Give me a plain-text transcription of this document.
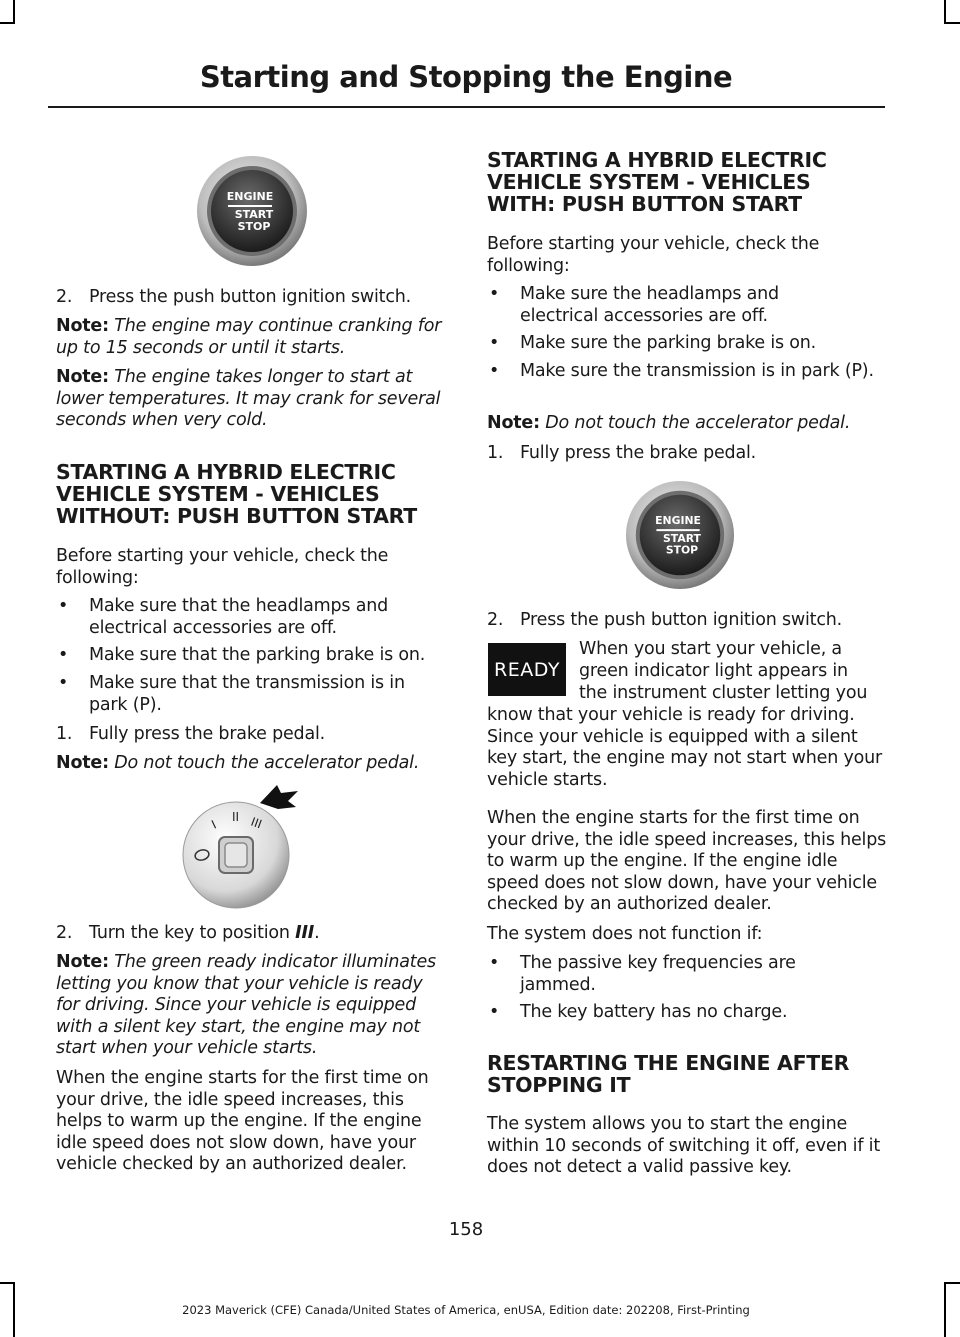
Starting and Stopping the Engine
ENGINE
START
STOP
2. Press the push button ignition switch.

Note: The engine may continue cranking for up to 15 seconds or until it starts.

Note: The engine takes longer to start at lower temperatures. It may crank for several seconds when very cold.

STARTING A HYBRID ELECTRIC VEHICLE SYSTEM - VEHICLES WITHOUT: PUSH BUTTON START

Before starting your vehicle, check the following:

•	Make sure that the headlamps and electrical accessories are off.
•	Make sure that the parking brake is on.
•	Make sure that the transmission is in park (P).
1. Fully press the brake pedal.

Note: Do not touch the accelerator pedal.

2. Turn the key to position III.

Note: The green ready indicator illuminates letting you know that your vehicle is ready for driving. Since your vehicle is equipped with a silent key start, the engine may not start when your vehicle starts.

When the engine starts for the first time on your drive, the idle speed increases, this helps to warm up the engine. If the engine idle speed does not slow down, have your vehicle checked by an authorized dealer.

I
II III
STARTING A HYBRID ELECTRIC VEHICLE SYSTEM - VEHICLES WITH: PUSH BUTTON START

Before starting your vehicle, check the following:

•	Make sure the headlamps and electrical accessories are off.
•	Make sure the parking brake is on.
•	Make sure the transmission is in park (P).

Note: Do not touch the accelerator pedal.

1. Fully press the brake pedal.
2. Press the push button ignition switch.

When you start your vehicle, a

green indicator light appears in

the instrument cluster letting you

know that your vehicle is ready for driving. Since your vehicle is equipped with a silent key start, the engine may not start when your vehicle starts.

When the engine starts for the first time on your drive, the idle speed increases, this helps to warm up the engine. If the engine idle speed does not slow down, have your vehicle checked by an authorized dealer.

The system does not function if:

•	The passive key frequencies are jammed.
•	The key battery has no charge.
RESTARTING THE ENGINE AFTER STOPPING IT

The system allows you to start the engine within 10 seconds of switching it off, even if it does not detect a valid passive key.

ENGINE
START
STOP
READY
158
2023 Maverick (CFE) Canada/United States of America, enUSA, Edition date: 202208, First-Printing
